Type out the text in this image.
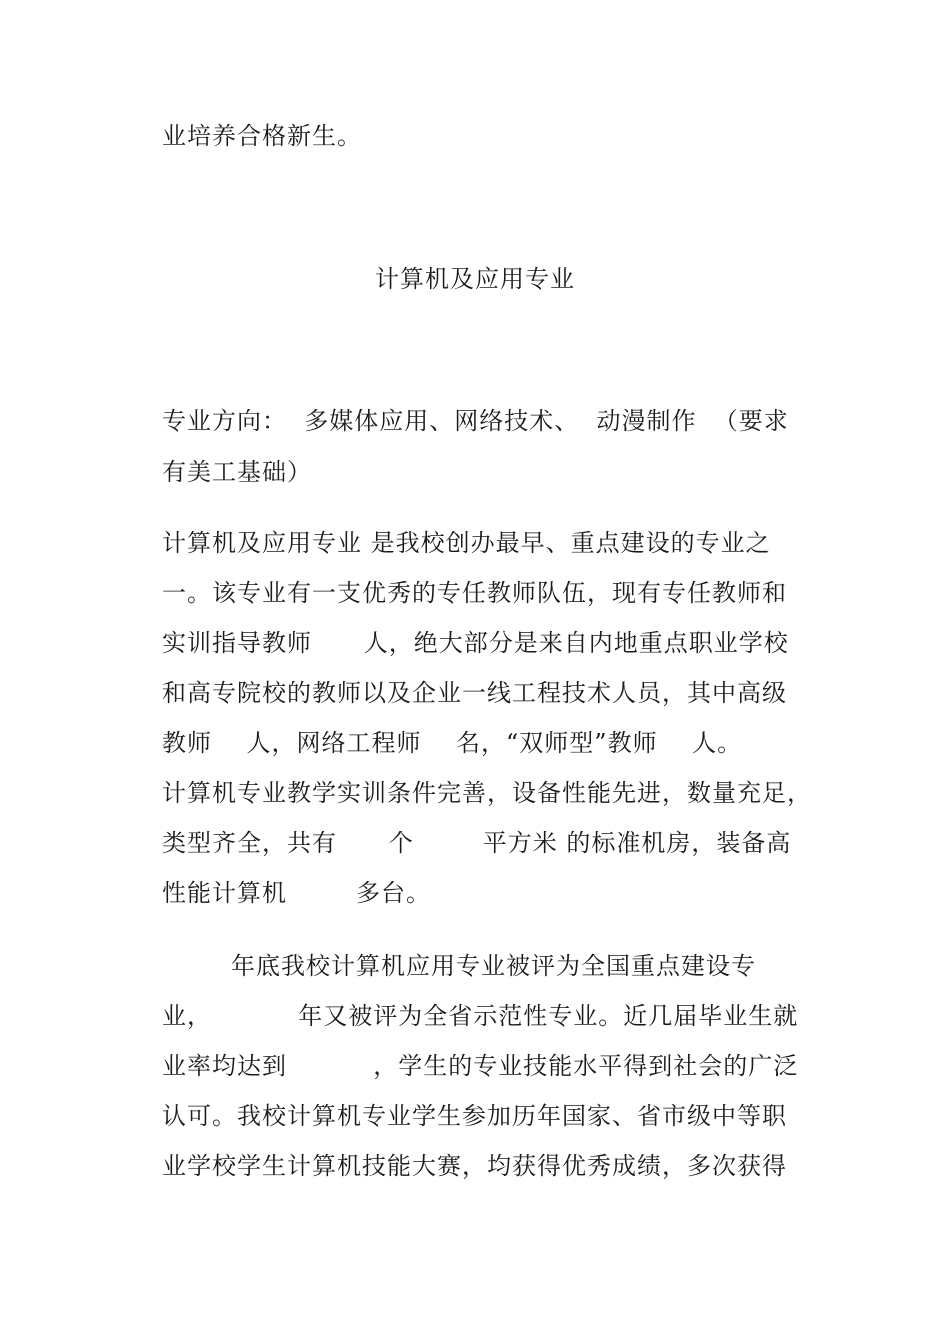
业培养合格新生。
计算机及应用专业
专业方向：  多媒体应用、网络技术、  动漫制作  （要求
有美工基础）
计算机及应用专业 是我校创办最早、重点建设的专业之
一。该专业有一支优秀的专任教师队伍，现有专任教师和
实训指导教师      人，绝大部分是来自内地重点职业学校
和高专院校的教师以及企业一线工程技术人员，其中高级
教师    人，网络工程师    名，“双师型”教师    人。
计算机专业教学实训条件完善，设备性能先进，数量充足，
类型齐全，共有      个        平方米 的标准机房，装备高
性能计算机        多台。
年底我校计算机应用专业被评为全国重点建设专
业，          年又被评为全省示范性专业。近几届毕业生就
业率均达到          ，学生的专业技能水平得到社会的广泛
认可。我校计算机专业学生参加历年国家、省市级中等职
业学校学生计算机技能大赛，均获得优秀成绩，多次获得
